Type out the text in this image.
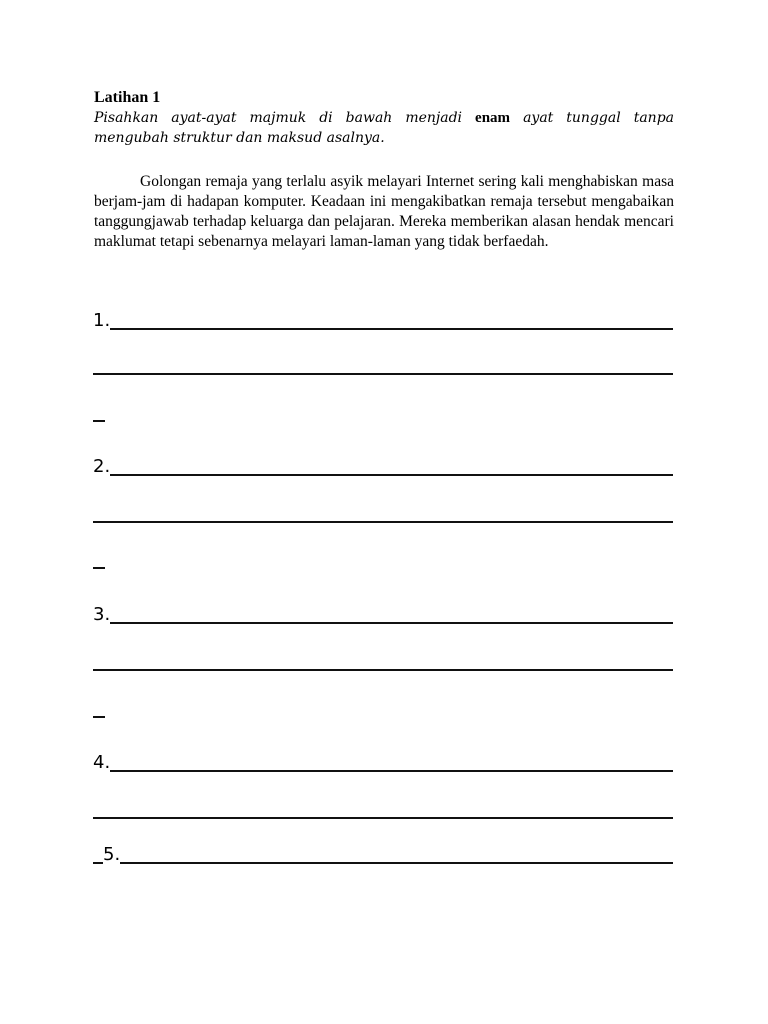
Latihan 1
Pisahkan ayat-ayat majmuk di bawah menjadi enam ayat tunggal tanpa mengubah struktur dan maksud asalnya.

Golongan remaja yang terlalu asyik melayari Internet sering kali menghabiskan masa berjam-jam di hadapan komputer. Keadaan ini mengakibatkan remaja tersebut mengabaikan tanggungjawab terhadap keluarga dan pelajaran. Mereka memberikan alasan hendak mencari maklumat tetapi sebenarnya melayari laman-laman yang tidak berfaedah.

1.
2.
3.
4.
5.
